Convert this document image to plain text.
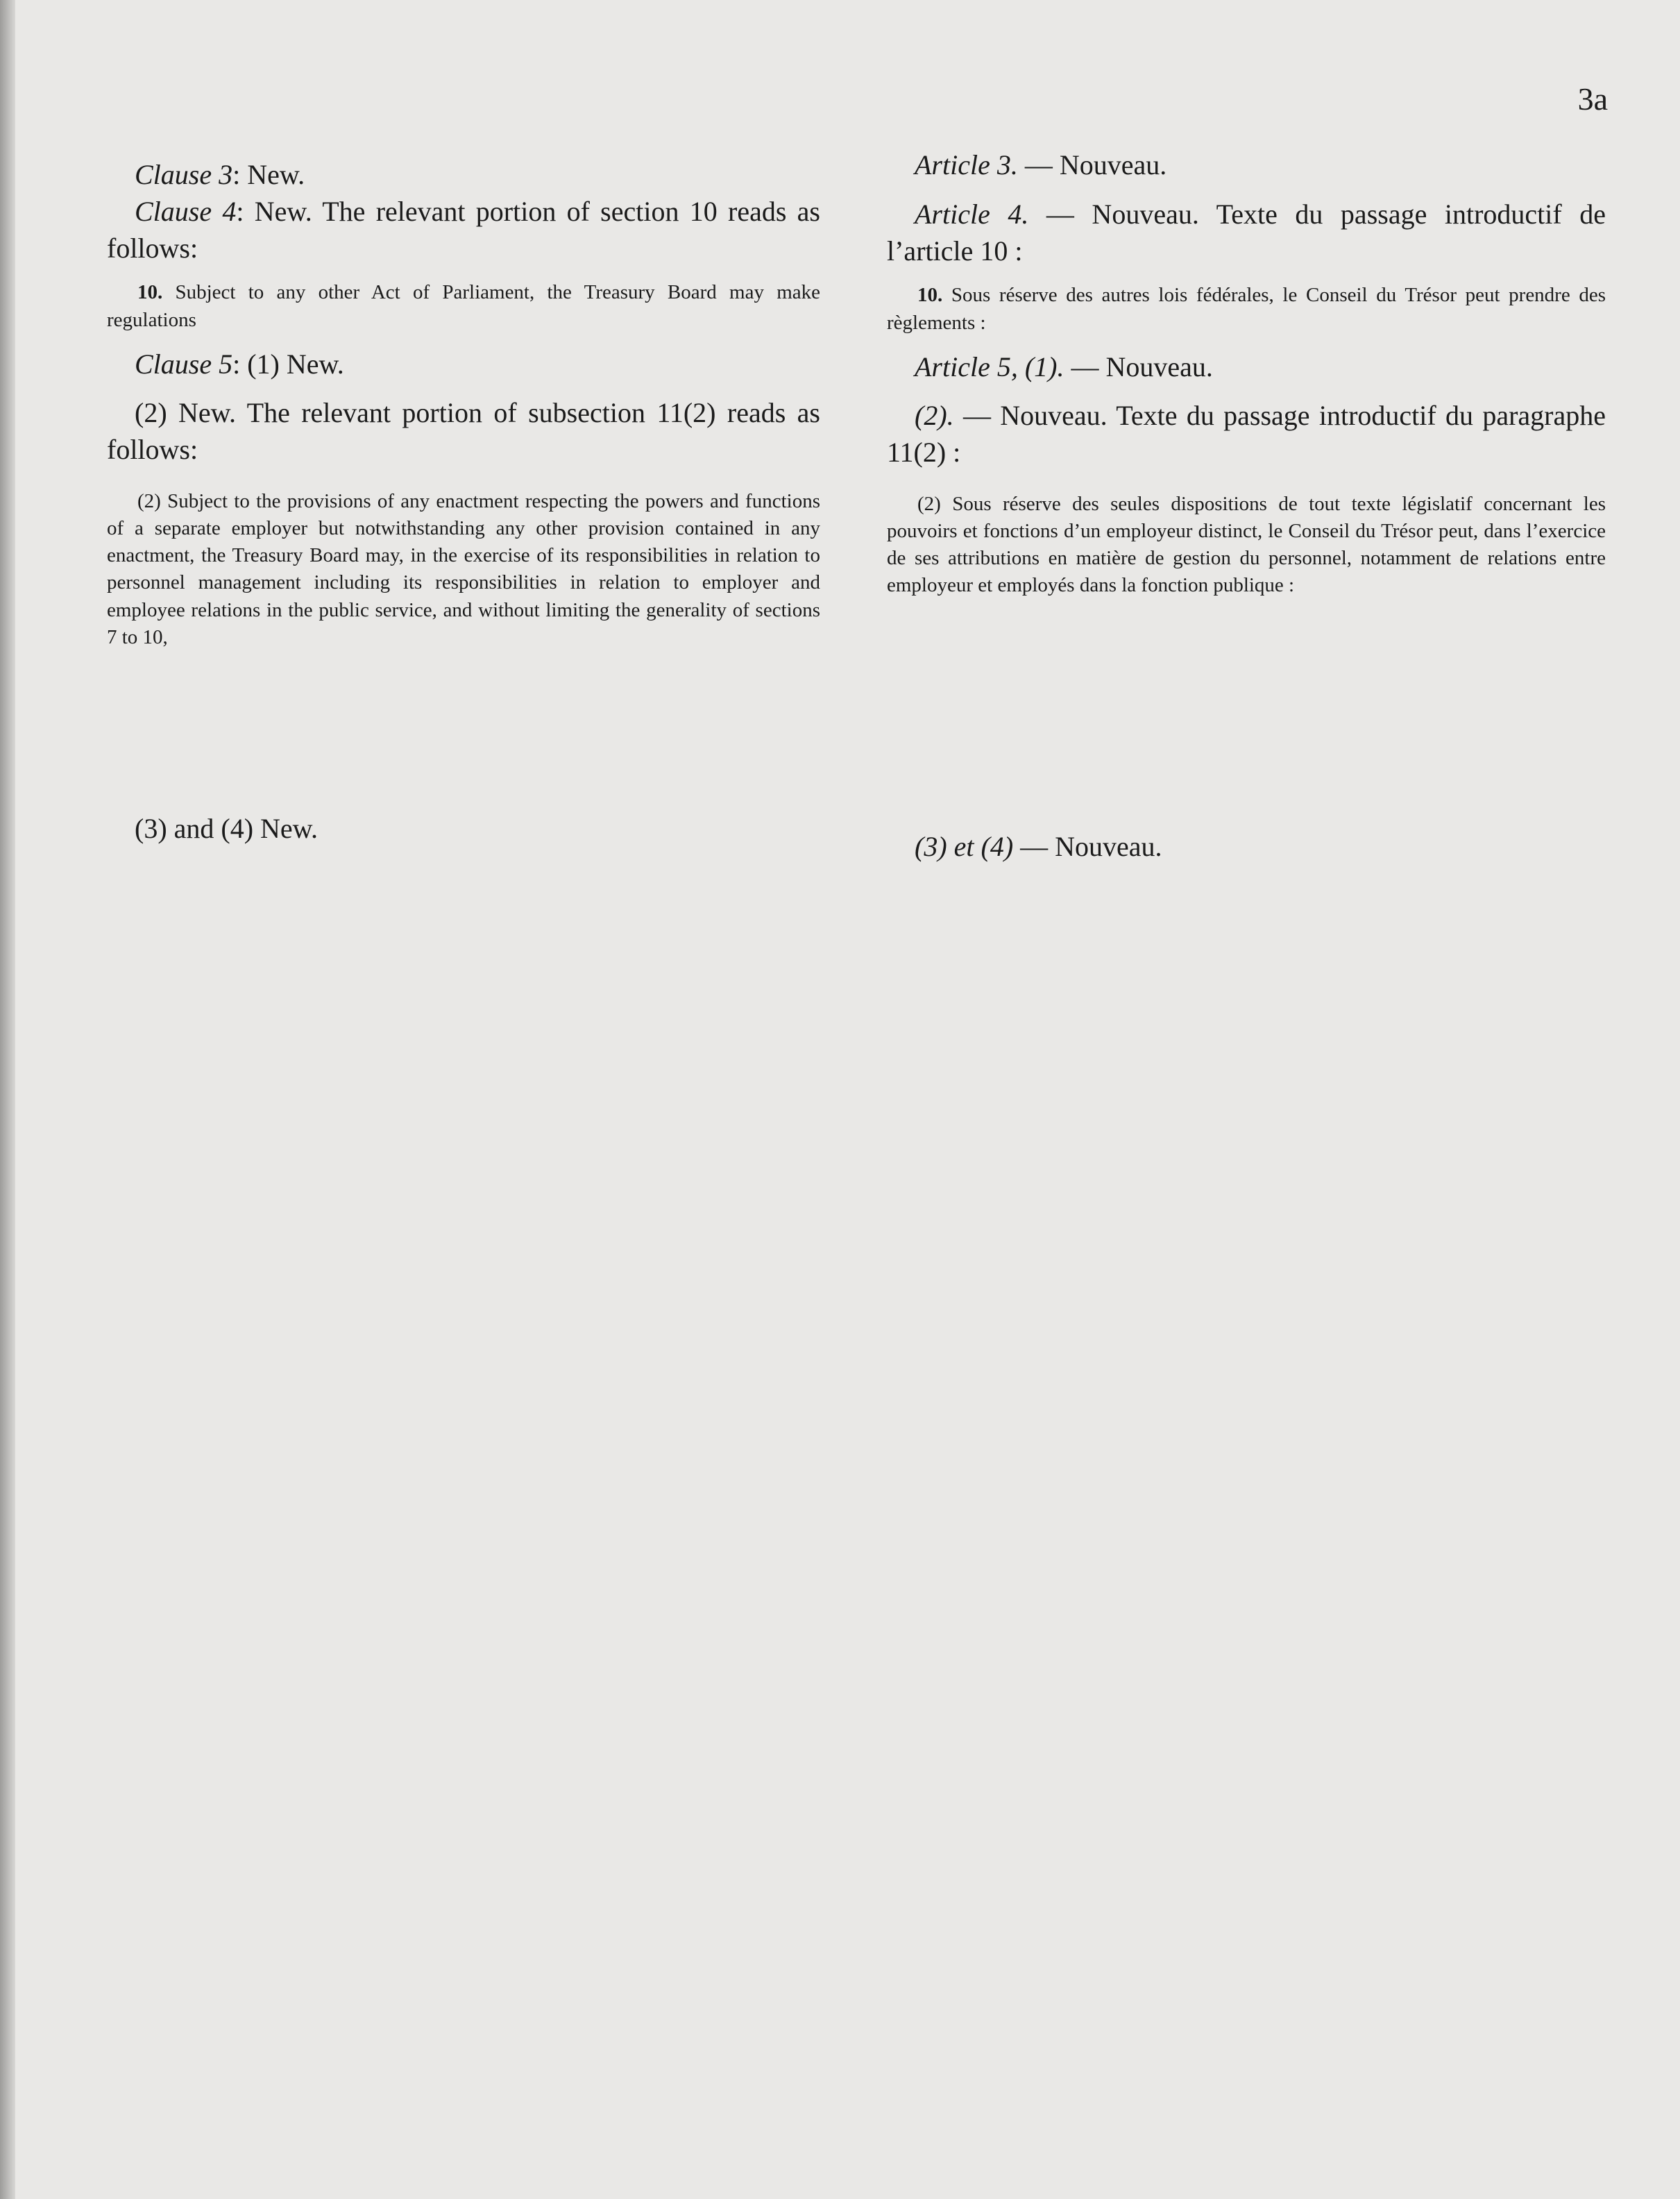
3a

Clause 3: New.

Clause 4: New. The relevant portion of section 10 reads as follows:

10. Subject to any other Act of Parliament, the Treasury Board may make regulations

Clause 5: (1) New.

(2) New. The relevant portion of subsection 11(2) reads as follows:

(2) Subject to the provisions of any enactment respecting the powers and functions of a separate employer but notwithstanding any other provision contained in any enactment, the Treasury Board may, in the exercise of its responsibilities in relation to personnel management including its responsibilities in relation to employer and employee relations in the public service, and without limiting the generality of sections 7 to 10,

(3) and (4) New.

Article 3. — Nouveau.

Article 4. — Nouveau. Texte du passage introductif de l’article 10 :

10. Sous réserve des autres lois fédérales, le Conseil du Trésor peut prendre des règlements :

Article 5, (1). — Nouveau.

(2). — Nouveau. Texte du passage introductif du paragraphe 11(2) :

(2) Sous réserve des seules dispositions de tout texte législatif concernant les pouvoirs et fonctions d’un employeur distinct, le Conseil du Trésor peut, dans l’exercice de ses attributions en matière de gestion du personnel, notamment de relations entre employeur et employés dans la fonction publique :

(3) et (4) — Nouveau.
